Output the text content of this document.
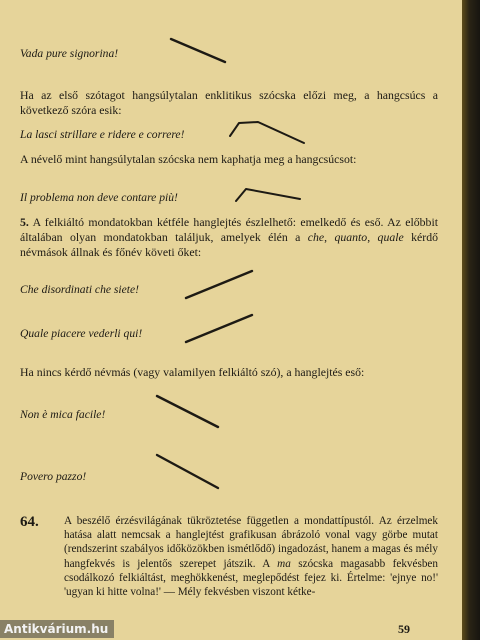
Vada pure signorina!

Ha az első szótagot hangsúlytalan enklitikus szócska előzi meg, a hangcsúcs a következő szóra esik:

La lasci strillare e ridere e correre!

A névelő mint hangsúlytalan szócska nem kaphatja meg a hangcsúcsot:

Il problema non deve contare più!

5. A felkiáltó mondatokban kétféle hanglejtés észlelhető: emelkedő és eső. Az előbbit általában olyan mondatokban találjuk, amelyek élén a che, quanto, quale kérdő névmások állnak és főnév követi őket:

Che disordinati che siete!

Quale piacere vederli qui!

Ha nincs kérdő névmás (vagy valamilyen felkiáltó szó), a hanglejtés eső:

Non è mica facile!

Povero pazzo!

64. A beszélő érzésvilágának tükröztetése független a mondattípustól. Az érzelmek hatása alatt nemcsak a hanglejtést grafikusan ábrázoló vonal vagy görbe mutat (rendszerint szabályos időközökben ismétlődő) ingadozást, hanem a magas és mély hangfekvés is jelentős szerepet játszik. A ma szócska magasabb fekvésben csodálkozó felkiáltást, meghökkenést, meglepődést fejez ki. Értelme: 'ejnye no!' 'ugyan ki hitte volna!' — Mély fekvésben viszont kétke-

59
Antikvárium.hu
